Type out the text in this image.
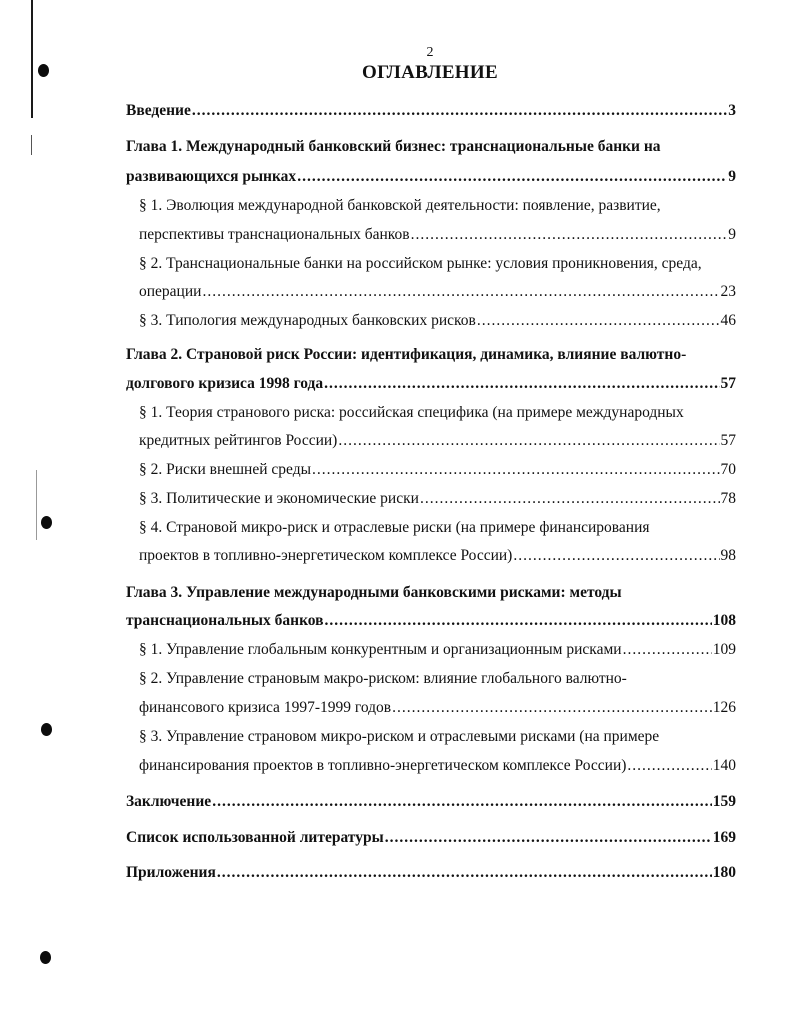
2
ОГЛАВЛЕНИЕ
Введение .....	3
Глава 1. Международный банковский бизнес: транснациональные банки на
развивающихся рынках .....	9
§ 1. Эволюция международной банковской деятельности: появление, развитие,
перспективы транснациональных банков .....	9
§ 2. Транснациональные банки на российском рынке: условия проникновения, среда,
операции .....	23
§ 3. Типология международных банковских рисков .....	46
Глава 2. Страновой риск России: идентификация, динамика, влияние валютно-
долгового кризиса 1998 года .....	57
§ 1. Теория странового риска: российская специфика (на примере международных
кредитных рейтингов России) .....	57
§ 2. Риски внешней среды .....	70
§ 3. Политические и экономические риски .....	78
§ 4. Страновой микро-риск и отраслевые риски (на примере финансирования
проектов в топливно-энергетическом комплексе России) .....	98
Глава 3. Управление международными банковскими рисками: методы
транснациональных банков .....	108
§ 1. Управление глобальным конкурентным и организационным рисками .....	109
§ 2. Управление страновым макро-риском: влияние глобального валютно-
финансового кризиса 1997-1999 годов .....	126
§ 3. Управление страновом микро-риском и отраслевыми рисками (на примере
финансирования проектов в топливно-энергетическом комплексе России) .....	140
Заключение .....	159
Список использованной литературы .....	169
Приложения .....	180
